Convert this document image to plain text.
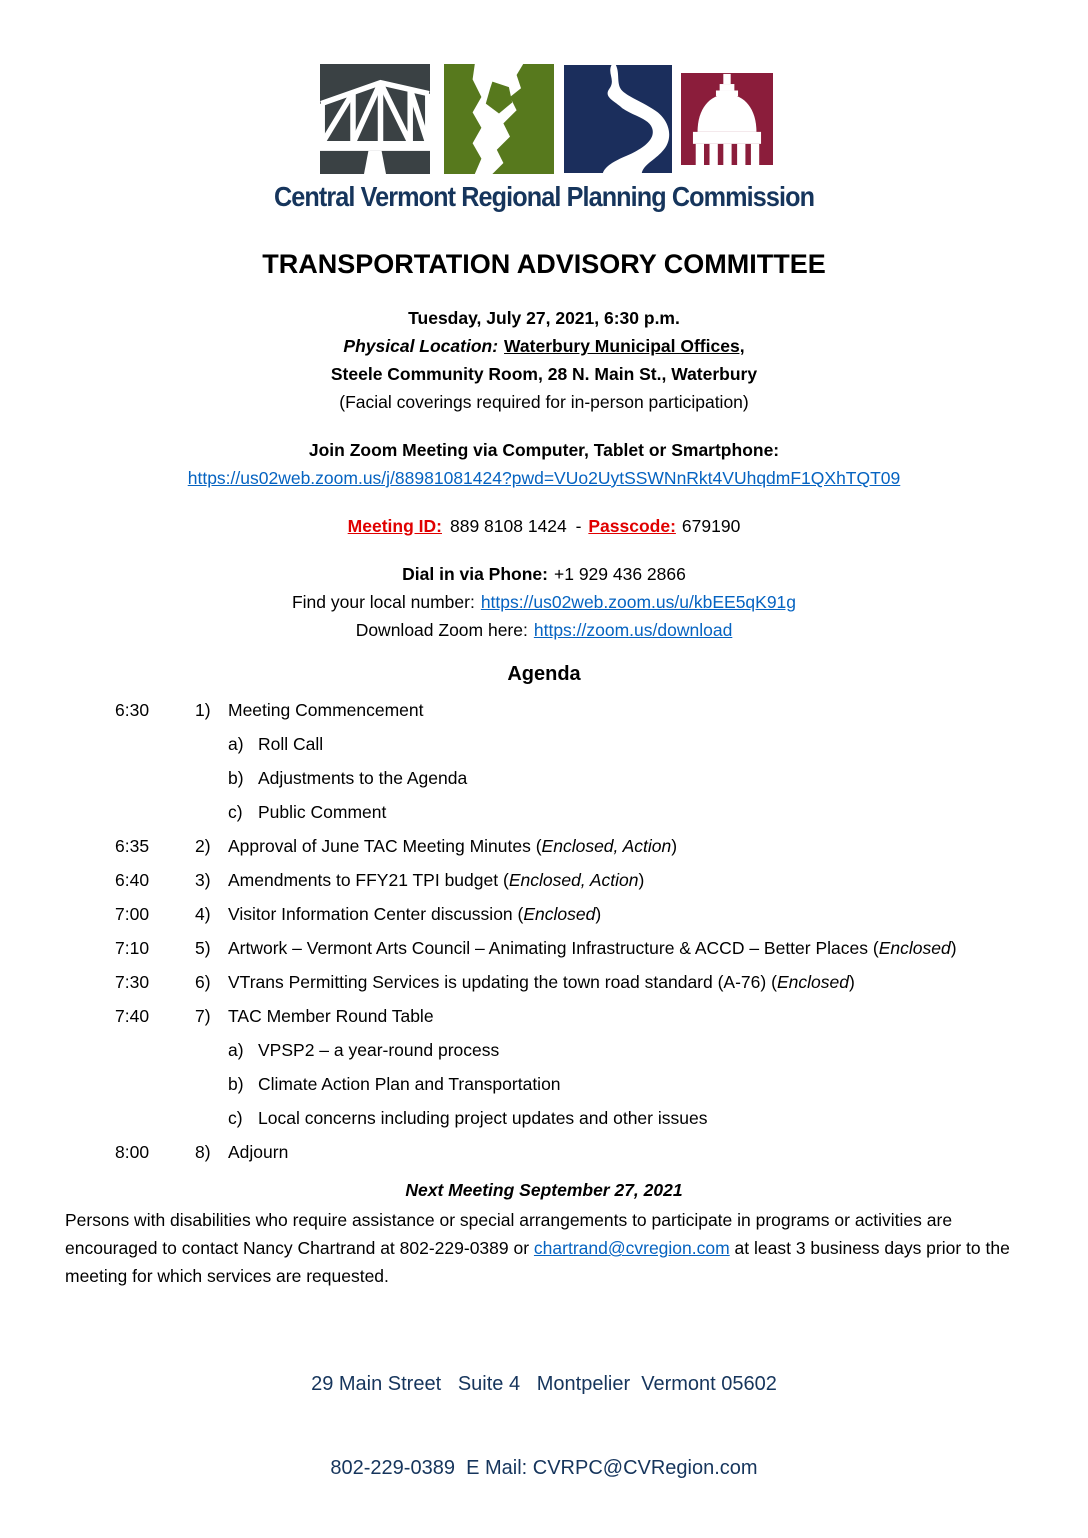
Central Vermont Regional Planning Commission
TRANSPORTATION ADVISORY COMMITTEE
Tuesday, July 27, 2021, 6:30 p.m.
Physical Location: Waterbury Municipal Offices,
Steele Community Room, 28 N. Main St., Waterbury
(Facial coverings required for in-person participation)
Join Zoom Meeting via Computer, Tablet or Smartphone:
https://us02web.zoom.us/j/88981081424?pwd=VUo2UytSSWNnRkt4VUhqdmF1QXhTQT09
Meeting ID: 889 8108 1424 - Passcode: 679190
Dial in via Phone: +1 929 436 2866
Find your local number: https://us02web.zoom.us/u/kbEE5qK91g
Download Zoom here: https://zoom.us/download
Agenda
6:30	1) Meeting Commencement
a) Roll Call
b) Adjustments to the Agenda
c) Public Comment
6:35	2) Approval of June TAC Meeting Minutes (Enclosed, Action)
6:40	3) Amendments to FFY21 TPI budget (Enclosed, Action)
7:00	4) Visitor Information Center discussion (Enclosed)
7:10	5) Artwork – Vermont Arts Council – Animating Infrastructure & ACCD – Better Places (Enclosed)
7:30	6) VTrans Permitting Services is updating the town road standard (A-76) (Enclosed)
7:40	7) TAC Member Round Table
a) VPSP2 – a year-round process
b) Climate Action Plan and Transportation
c) Local concerns including project updates and other issues
8:00	8) Adjourn
Next Meeting September 27, 2021
Persons with disabilities who require assistance or special arrangements to participate in programs or activities are encouraged to contact Nancy Chartrand at 802-229-0389 or chartrand@cvregion.com at least 3 business days prior to the meeting for which services are requested.

29 Main Street   Suite 4   Montpelier  Vermont 05602

802-229-0389  E Mail: CVRPC@CVRegion.com
